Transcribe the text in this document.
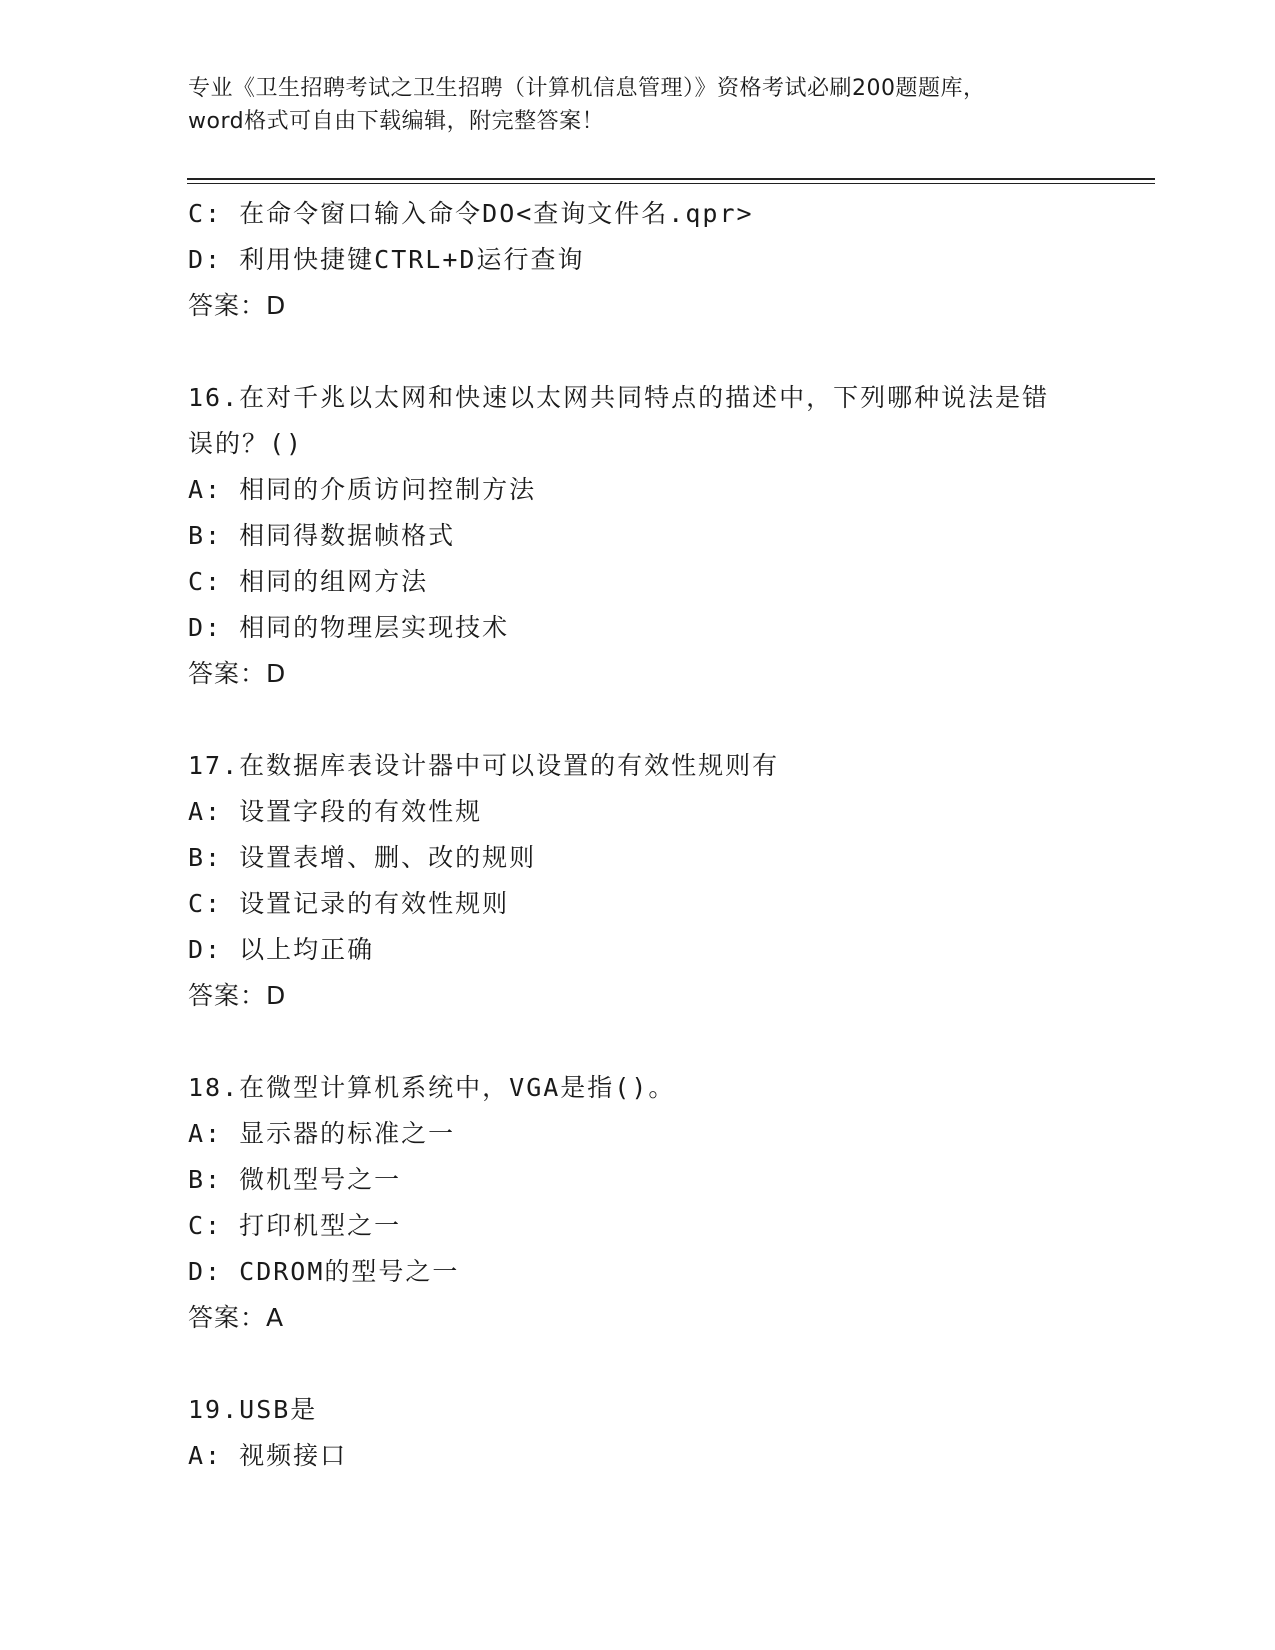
专业《卫生招聘考试之卫生招聘（计算机信息管理）》资格考试必刷200题题库，
word格式可自由下载编辑，附完整答案！
C: 在命令窗口输入命令DO<查询文件名.qpr>
D: 利用快捷键CTRL+D运行查询
答案：D
16.在对千兆以太网和快速以太网共同特点的描述中，下列哪种说法是错误的？()
A: 相同的介质访问控制方法
B: 相同得数据帧格式
C: 相同的组网方法
D: 相同的物理层实现技术
答案：D
17.在数据库表设计器中可以设置的有效性规则有
A: 设置字段的有效性规
B: 设置表增、删、改的规则
C: 设置记录的有效性规则
D: 以上均正确
答案：D
18.在微型计算机系统中，VGA是指()。
A: 显示器的标准之一
B: 微机型号之一
C: 打印机型之一
D: CDROM的型号之一
答案：A
19.USB是
A: 视频接口
